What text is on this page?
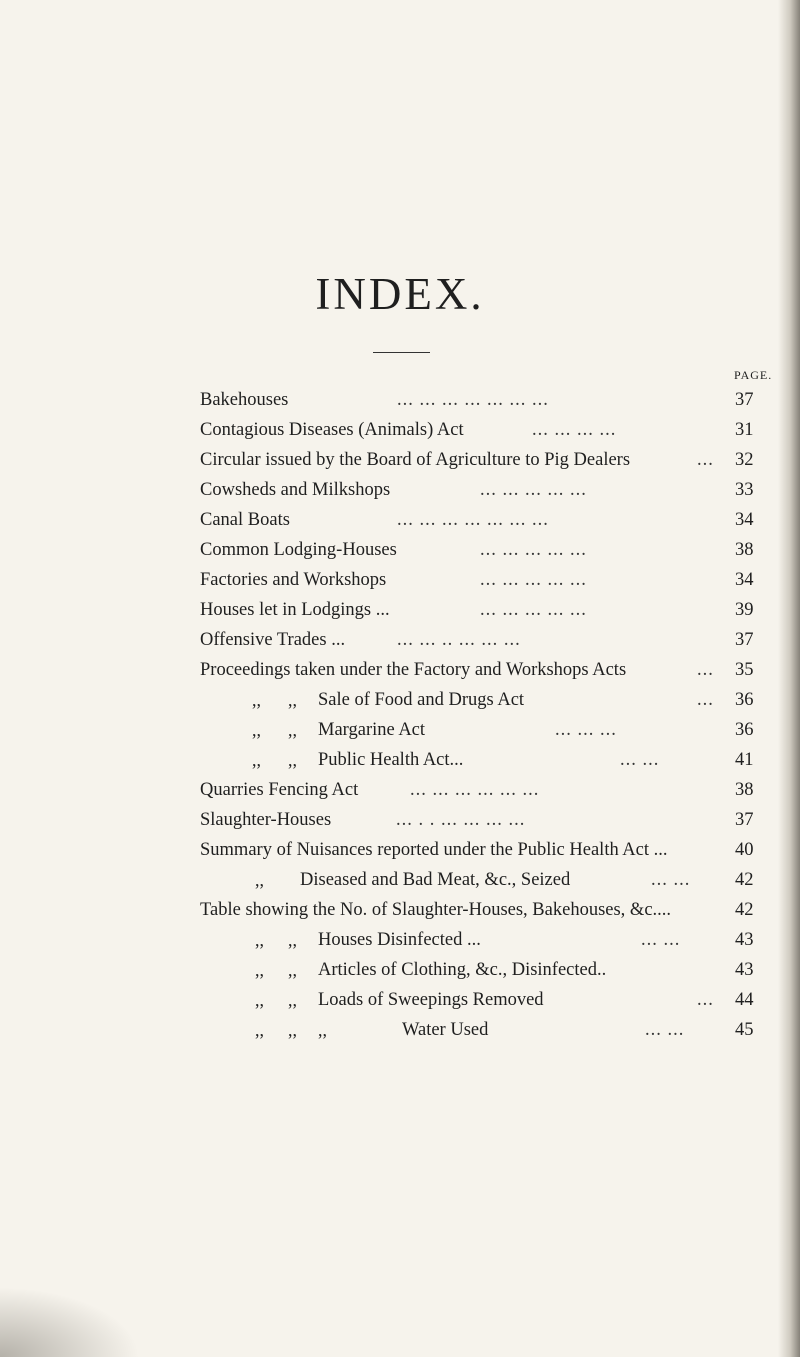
INDEX.
PAGE.
Bakehouses	... ... ... ... ... ... ...	37
Contagious Diseases (Animals) Act	... ... ... ...	31
Circular issued by the Board of Agriculture to Pig Dealers	... 32
Cowsheds and Milkshops	... ... ... ... ...	33
Canal Boats	... ... ... ... ... ... ...	34
Common Lodging-Houses	... ... ... ... ...	38
Factories and Workshops	... ... ... ... ...	34
Houses let in Lodgings ...	... ... ... ... ...	39
Offensive Trades ...	... ... .. ... ... ...	37
Proceedings taken under the Factory and Workshops Acts	... 35
,, ,, Sale of Food and Drugs Act	... 36
,, ,, Margarine Act	... ... ...	36
,, ,, Public Health Act...	... ...	41
Quarries Fencing Act	... ... ... ... ... ...	38
Slaughter-Houses	... . . ... ... ... ...	37
Summary of Nuisances reported under the Public Health Act ...	40
,, Diseased and Bad Meat, &c., Seized	... ... 42
Table showing the No. of Slaughter-Houses, Bakehouses, &c....	42
,, ,, Houses Disinfected ...	... ...	43
,, ,, Articles of Clothing, &c., Disinfected..	43
,, ,, Loads of Sweepings Removed	... 44
,, ,, ,,	Water Used	... ...	45
